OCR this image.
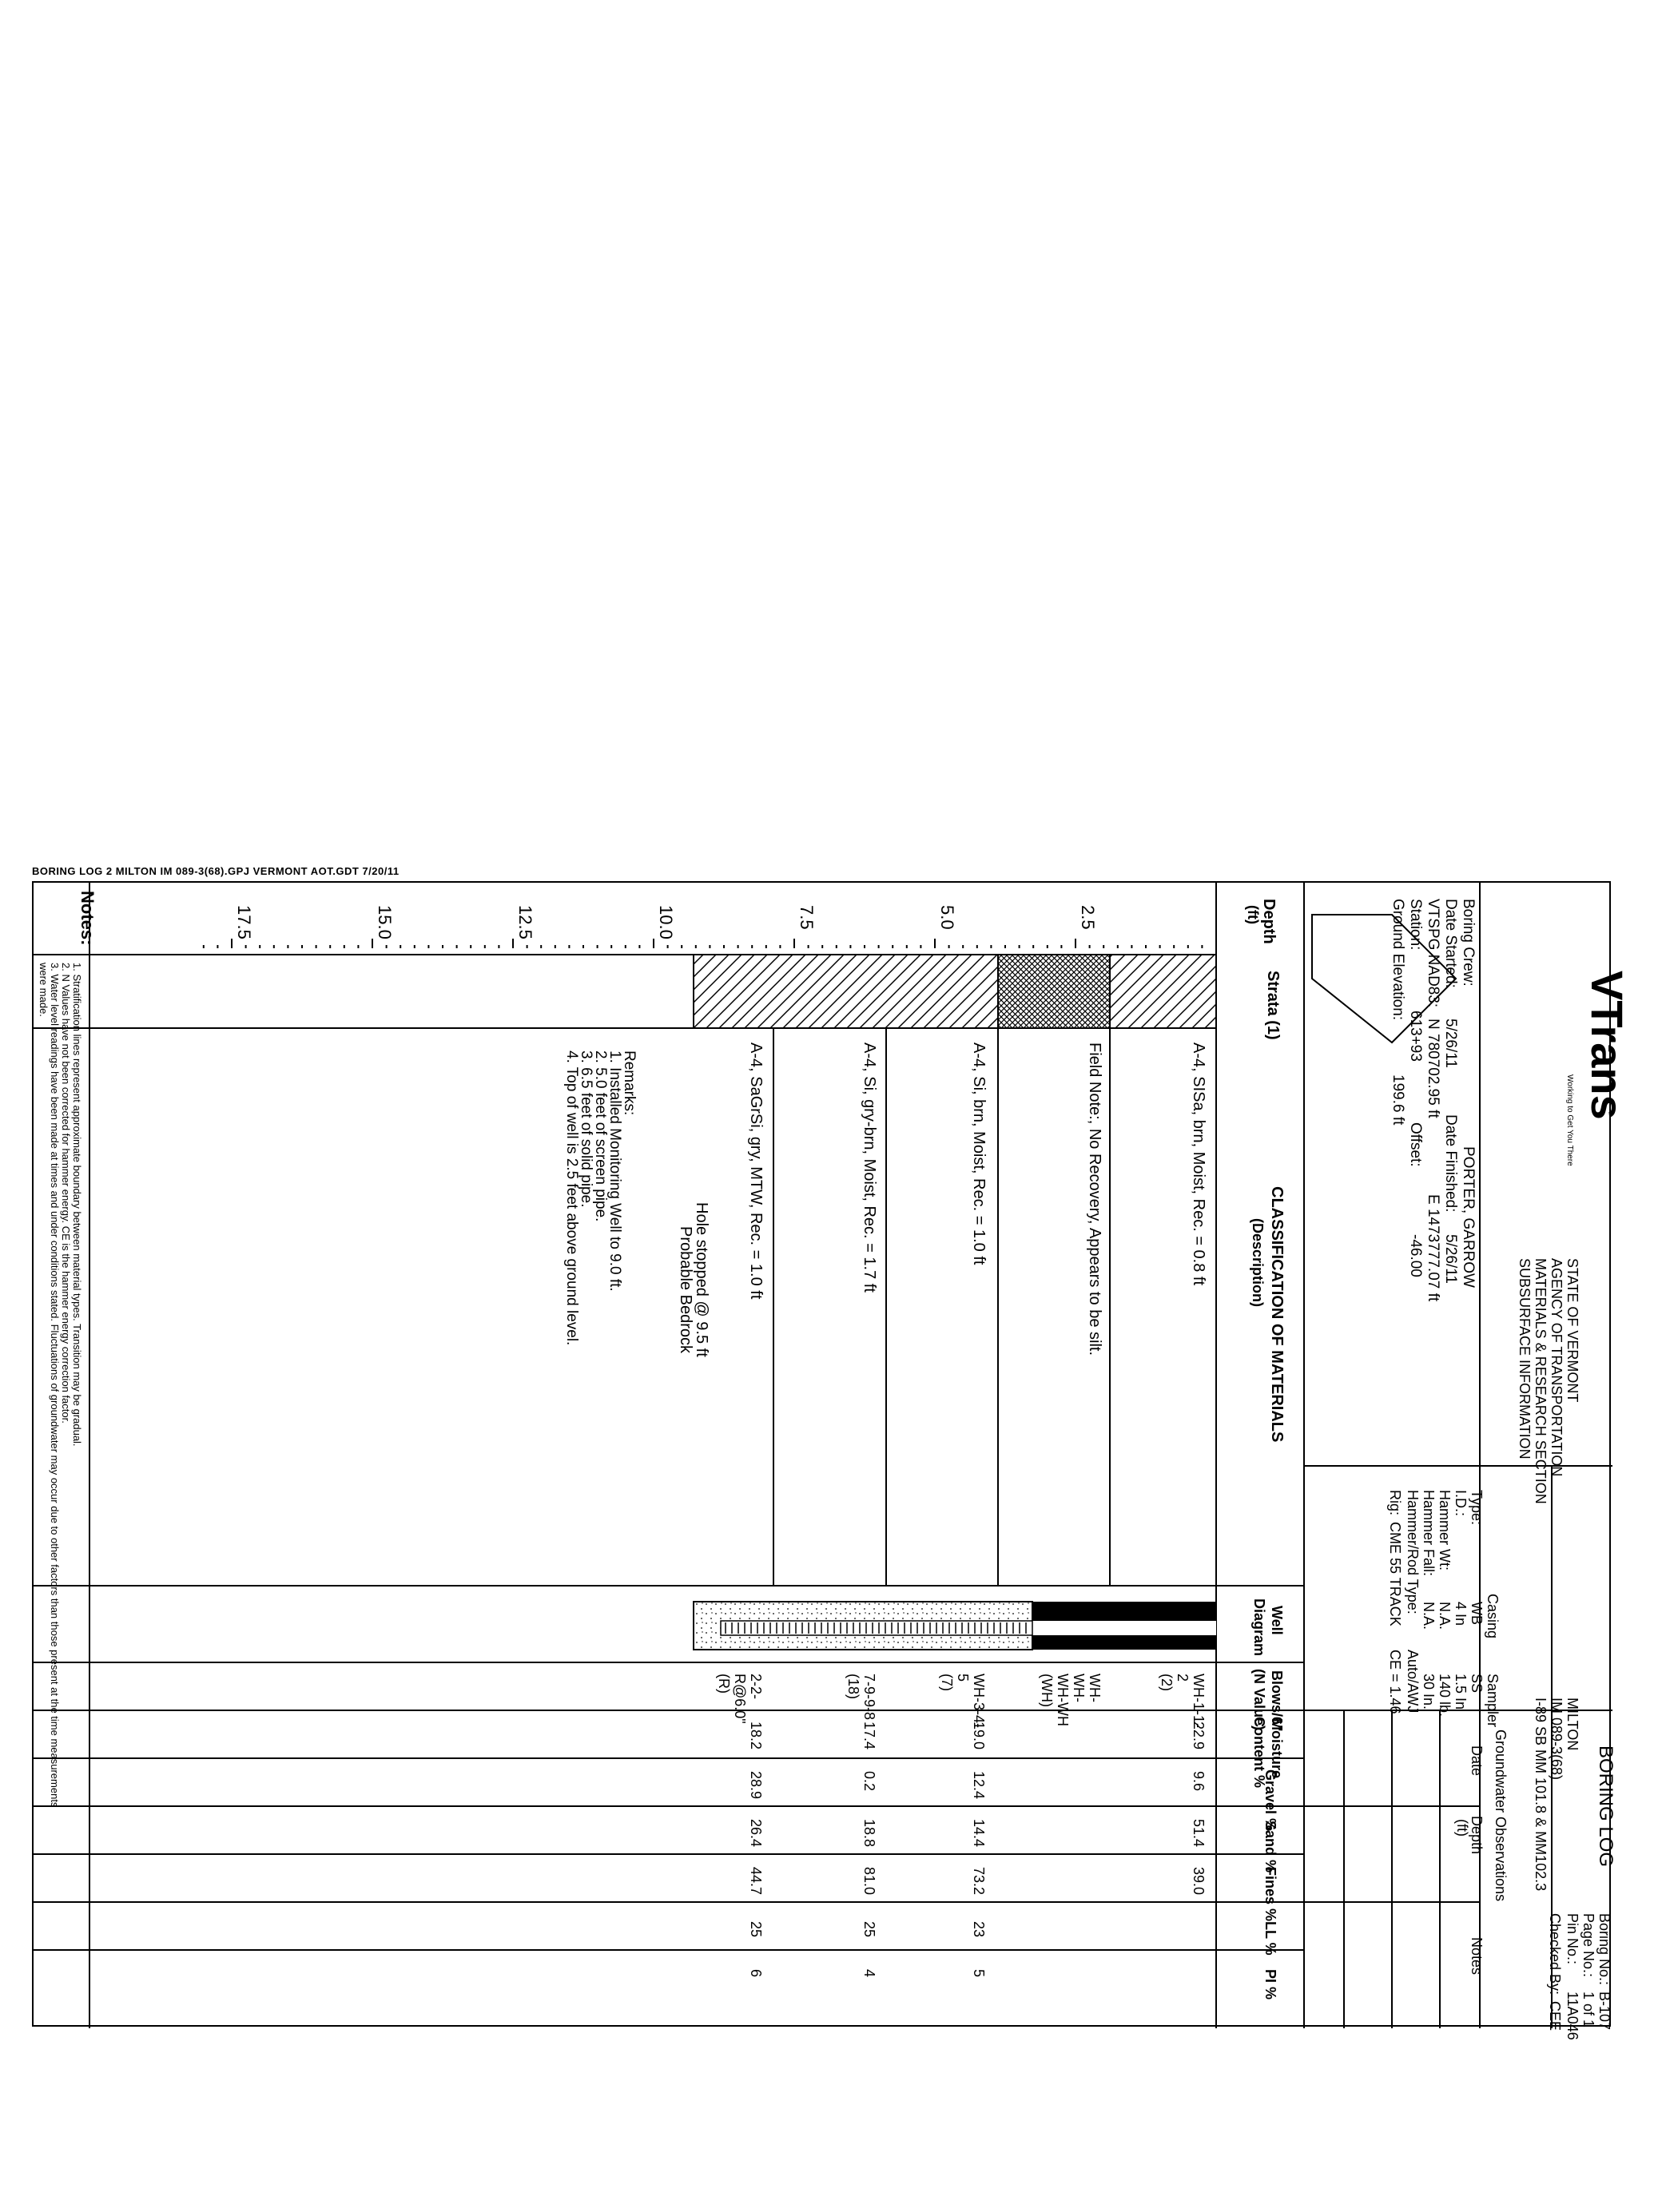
BORING LOG 2 MILTON IM 089-3(68).GPJ VERMONT AOT.GDT 7/20/11
2.5
5.0
7.5
10.0
12.5
15.0
17.5	Depth
(ft)
Strata (1)
CLASSIFICATION OF MATERIALS
(Description)
Well
Diagram
Blows/6"
(N Value)
Moisture
Content %
Gravel %
Sand %
Fines %
LL %
PI %
A-4, SISa, brn, Moist, Rec. = 0.8 ft
WH-1-1-
2
(2)
22.9
9.6
51.4
39.0
Field Note:, No Recovery, Appears to be silt.
WH-
WH-
WH-WH
(WH)
A-4, Si, brn, Moist, Rec. = 1.0 ft
WH-3-4-
5
(7)
19.0
12.4
14.4
73.2
23
5
A-4, Si, gry-brn, Moist, Rec. = 1.7 ft
7-9-9-8
(18)
17.4
0.2
18.8
81.0
25
4
A-4, SaGrSi, gry, MTW, Rec. = 1.0 ft
2-2-
R@6.0"
(R)
18.2
28.9
26.4
44.7
25
6
Hole stopped @ 9.5 ft
Probable Bedrock
Remarks:
1. Installed Monitoring Well to 9.0 ft.
2. 5.0 feet of screen pipe.
3. 6.5 feet of solid pipe.
4. Top of well is 2.5 feet above ground level.
Notes:
1. Stratification lines represent approximate boundary between material types. Transition may be gradual.
2. N Values have not been corrected for hammer energy. CE is the hammer energy correction factor.
3. Water level readings have been made at times and under conditions stated. Fluctuations of groundwater may occur due to other factors than those present at the time measurements
were made.
Boring Crew:
PORTER, GARROW
Date Started:
5/26/11
Date Finished:
5/26/11
VTSPG NAD83:
N 780702.95 ft
E 1473777.07 ft
Station:
613+93
Offset:
-46.00
Ground Elevation:
199.6 ft
Type:
I.D.:
Hammer Wt:
Hammer Fall:
Hammer/Rod Type:
Rig:
Casing
Sampler
WB
SS
4 In
1.5 In
140 lb.
N.A. N.A.
30 In.
Auto/AWJ
CME 55 TRACK
CE = 1.46
Groundwater Observations
Date
Depth
(ft)
Notes
VTrans
Working to Get You There
STATE OF VERMONT
AGENCY OF TRANSPORTATION
MATERIALS & RESEARCH SECTION
SUBSURFACE INFORMATION
BORING LOG
MILTON
IM 089-3(68)
I-89 SB MM 101.8 & MM102.3
Boring No.:
B-107
Page No.:
1 of 1
Pin No.:
11A046
Checked By:
CEE
